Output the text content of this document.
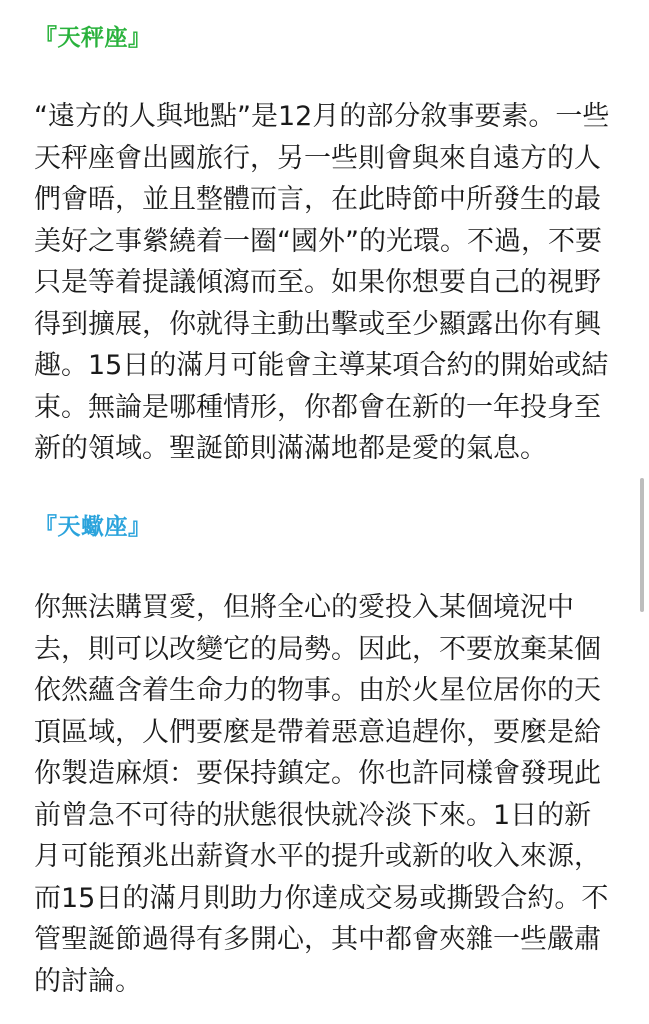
『天秤座』

“遠方的人與地點”是12月的部分敘事要素。一些
天秤座會出國旅行，另一些則會與來自遠方的人
們會晤，並且整體而言，在此時節中所發生的最
美好之事縈繞着一圈“國外”的光環。不過，不要
只是等着提議傾瀉而至。如果你想要自己的視野
得到擴展，你就得主動出擊或至少顯露出你有興
趣。15日的滿月可能會主導某項合約的開始或結
束。無論是哪種情形，你都會在新的一年投身至
新的領域。聖誕節則滿滿地都是愛的氣息。

『天蠍座』

你無法購買愛，但將全心的愛投入某個境況中
去，則可以改變它的局勢。因此，不要放棄某個
依然蘊含着生命力的物事。由於火星位居你的天
頂區域，人們要麼是帶着惡意追趕你，要麼是給
你製造麻煩：要保持鎮定。你也許同樣會發現此
前曾急不可待的狀態很快就冷淡下來。1日的新
月可能預兆出薪資水平的提升或新的收入來源，
而15日的滿月則助力你達成交易或撕毀合約。不
管聖誕節過得有多開心，其中都會夾雜一些嚴肅
的討論。
